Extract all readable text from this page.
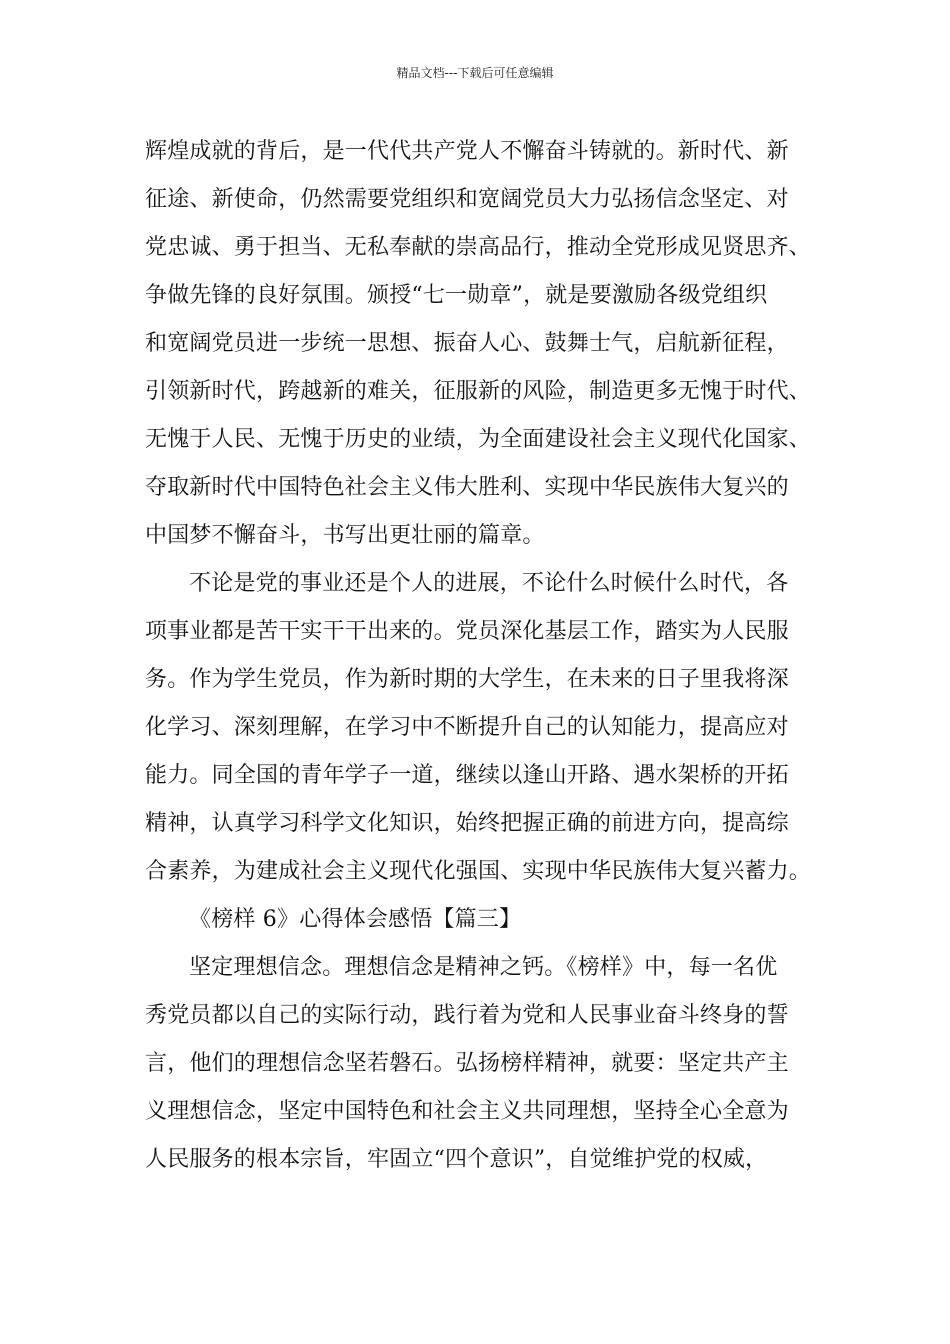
精品文档---下载后可任意编辑
辉煌成就的背后，是一代代共产党人不懈奋斗铸就的。新时代、新
征途、新使命，仍然需要党组织和宽阔党员大力弘扬信念坚定、对
党忠诚、勇于担当、无私奉献的崇高品行，推动全党形成见贤思齐、
争做先锋的良好氛围。颁授“七一勋章”，就是要激励各级党组织
和宽阔党员进一步统一思想、振奋人心、鼓舞士气，启航新征程，
引领新时代，跨越新的难关，征服新的风险，制造更多无愧于时代、
无愧于人民、无愧于历史的业绩，为全面建设社会主义现代化国家、
夺取新时代中国特色社会主义伟大胜利、实现中华民族伟大复兴的
中国梦不懈奋斗，书写出更壮丽的篇章。
不论是党的事业还是个人的进展，不论什么时候什么时代，各
项事业都是苦干实干干出来的。党员深化基层工作，踏实为人民服
务。作为学生党员，作为新时期的大学生，在未来的日子里我将深
化学习、深刻理解，在学习中不断提升自己的认知能力，提高应对
能力。同全国的青年学子一道，继续以逢山开路、遇水架桥的开拓
精神，认真学习科学文化知识，始终把握正确的前进方向，提高综
合素养，为建成社会主义现代化强国、实现中华民族伟大复兴蓄力。
《榜样 6》心得体会感悟【篇三】
坚定理想信念。理想信念是精神之钙。《榜样》中，每一名优
秀党员都以自己的实际行动，践行着为党和人民事业奋斗终身的誓
言，他们的理想信念坚若磐石。弘扬榜样精神，就要：坚定共产主
义理想信念，坚定中国特色和社会主义共同理想，坚持全心全意为
人民服务的根本宗旨，牢固立“四个意识”，自觉维护党的权威，
